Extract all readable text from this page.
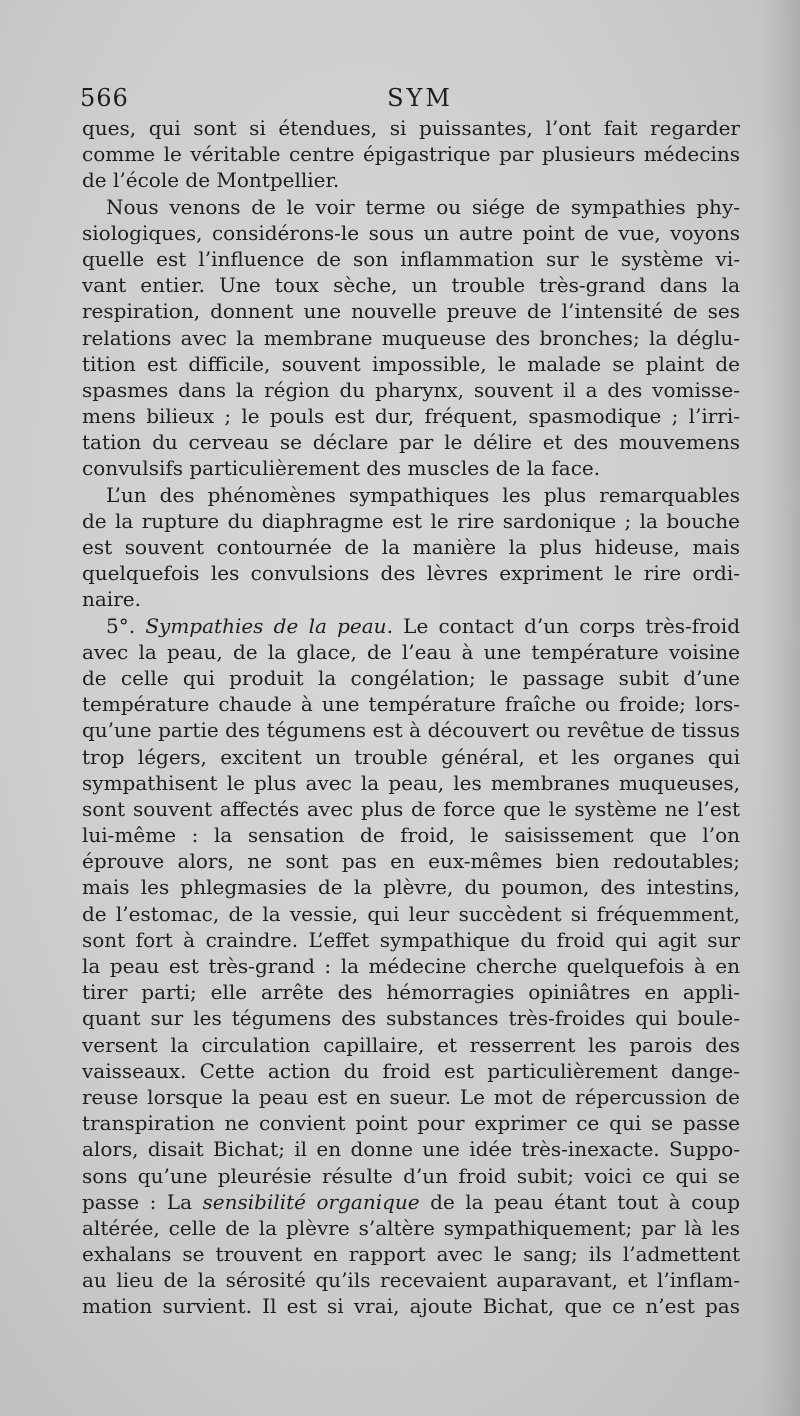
566	SYM
ques, qui sont si étendues, si puissantes, l’ont fait regarder
comme le véritable centre épigastrique par plusieurs médecins
de l’école de Montpellier.
Nous venons de le voir terme ou siége de sympathies phy-
siologiques, considérons-le sous un autre point de vue, voyons
quelle est l’influence de son inflammation sur le système vi-
vant entier. Une toux sèche, un trouble très-grand dans la
respiration, donnent une nouvelle preuve de l’intensité de ses
relations avec la membrane muqueuse des bronches; la déglu-
tition est difficile, souvent impossible, le malade se plaint de
spasmes dans la région du pharynx, souvent il a des vomisse-
mens bilieux ; le pouls est dur, fréquent, spasmodique ; l’irri-
tation du cerveau se déclare par le délire et des mouvemens
convulsifs particulièrement des muscles de la face.
L’un des phénomènes sympathiques les plus remarquables
de la rupture du diaphragme est le rire sardonique ; la bouche
est souvent contournée de la manière la plus hideuse, mais
quelquefois les convulsions des lèvres expriment le rire ordi-
naire.
5°. Sympathies de la peau. Le contact d’un corps très-froid
avec la peau, de la glace, de l’eau à une température voisine
de celle qui produit la congélation; le passage subit d’une
température chaude à une température fraîche ou froide; lors-
qu’une partie des tégumens est à découvert ou revêtue de tissus
trop légers, excitent un trouble général, et les organes qui
sympathisent le plus avec la peau, les membranes muqueuses,
sont souvent affectés avec plus de force que le système ne l’est
lui-même : la sensation de froid, le saisissement que l’on
éprouve alors, ne sont pas en eux-mêmes bien redoutables;
mais les phlegmasies de la plèvre, du poumon, des intestins,
de l’estomac, de la vessie, qui leur succèdent si fréquemment,
sont fort à craindre. L’effet sympathique du froid qui agit sur
la peau est très-grand : la médecine cherche quelquefois à en
tirer parti; elle arrête des hémorragies opiniâtres en appli-
quant sur les tégumens des substances très-froides qui boule-
versent la circulation capillaire, et resserrent les parois des
vaisseaux. Cette action du froid est particulièrement dange-
reuse lorsque la peau est en sueur. Le mot de répercussion de
transpiration ne convient point pour exprimer ce qui se passe
alors, disait Bichat; il en donne une idée très-inexacte. Suppo-
sons qu’une pleurésie résulte d’un froid subit; voici ce qui se
passe : La sensibilité organique de la peau étant tout à coup
altérée, celle de la plèvre s’altère sympathiquement; par là les
exhalans se trouvent en rapport avec le sang; ils l’admettent
au lieu de la sérosité qu’ils recevaient auparavant, et l’inflam-
mation survient. Il est si vrai, ajoute Bichat, que ce n’est pas
